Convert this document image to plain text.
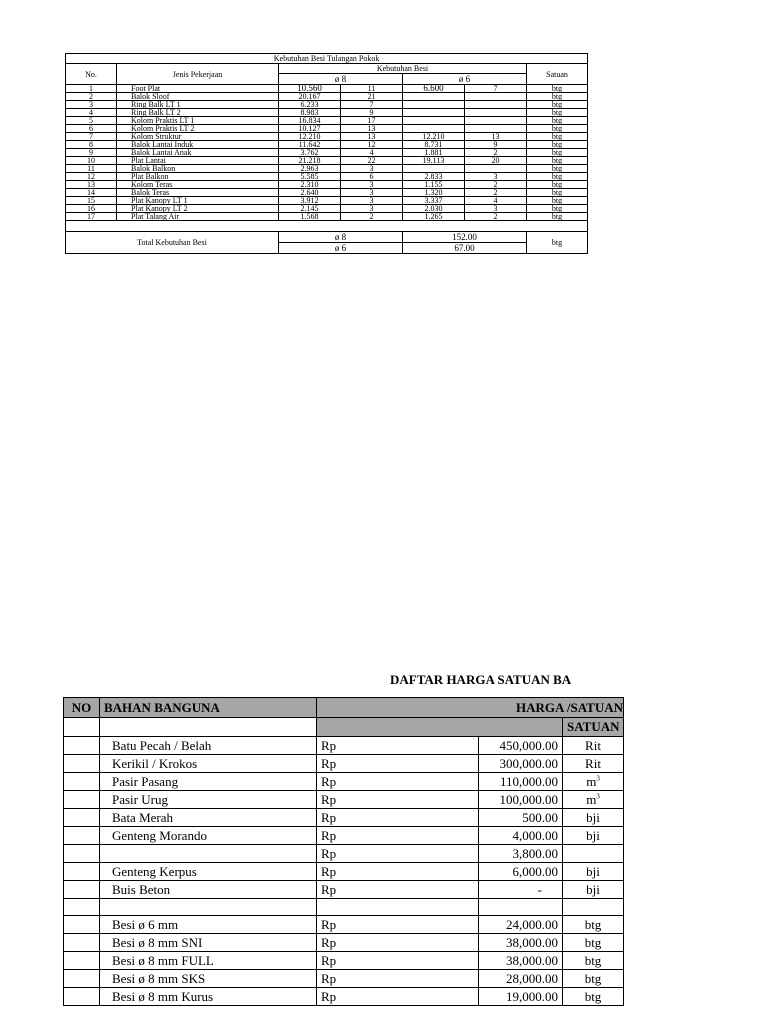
Kebutuhan Besi Tulangan Pokok						
No.	Jenis Pekerjaan	Kebutuhan Besi				Satuan
		ø 8		ø 6		
1	Foot Plat	10.560	11	6.600	7	btg
2	Balok Sloof	20.167	21			btg
3	Ring Balk LT 1	6.233	7			btg
4	Ring Balk LT 2	8.983	9			btg
5	Kolom Praktis LT 1	16.834	17			btg
6	Kolom Praktis LT 2	10.127	13			btg
7	Kolom Struktur	12.210	13	12.210	13	btg
8	Balok Lantai Induk	11.642	12	8.731	9	btg
9	Balok Lantai Anak	3.762	4	1.881	2	btg
10	Plat Lantai	21.218	22	19.113	20	btg
11	Balok Balkon	2.963	3			btg
12	Plat Balkon	5.585	6	2.833	3	btg
13	Kolom Teras	2.310	3	1.155	2	btg
14	Balok Teras	2.640	3	1.320	2	btg
15	Plat Kanopy LT 1	3.912	3	3.337	4	btg
16	Plat Kanopy LT 2	2.145	3	2.030	3	btg
17	Plat Talang Air	1.568	2	1.265	2	btg

Total Kebutuhan Besi		ø 8		152.00		btg
		ø 6		67.00		
DAFTAR HARGA SATUAN BA
NO	BAHAN BANGUNA	HARGA /SATUAN		
				SATUAN
	Batu Pecah / Belah	Rp	450,000.00	Rit
	Kerikil / Krokos	Rp	300,000.00	Rit
	Pasir Pasang	Rp	110,000.00	$m^3$
	Pasir Urug	Rp	100,000.00	$m^3$
	Bata Merah	Rp	500.00	bji
	Genteng Morando	Rp	4,000.00	bji
		Rp	3,800.00	
	Genteng Kerpus	Rp	6,000.00	bji
	Buis Beton	Rp	-	bji

	Besi ø 6 mm	Rp	24,000.00	btg
	Besi ø 8 mm SNI	Rp	38,000.00	btg
	Besi ø 8 mm FULL	Rp	38,000.00	btg
	Besi ø 8 mm SKS	Rp	28,000.00	btg
	Besi ø 8 mm Kurus	Rp	19,000.00	btg
